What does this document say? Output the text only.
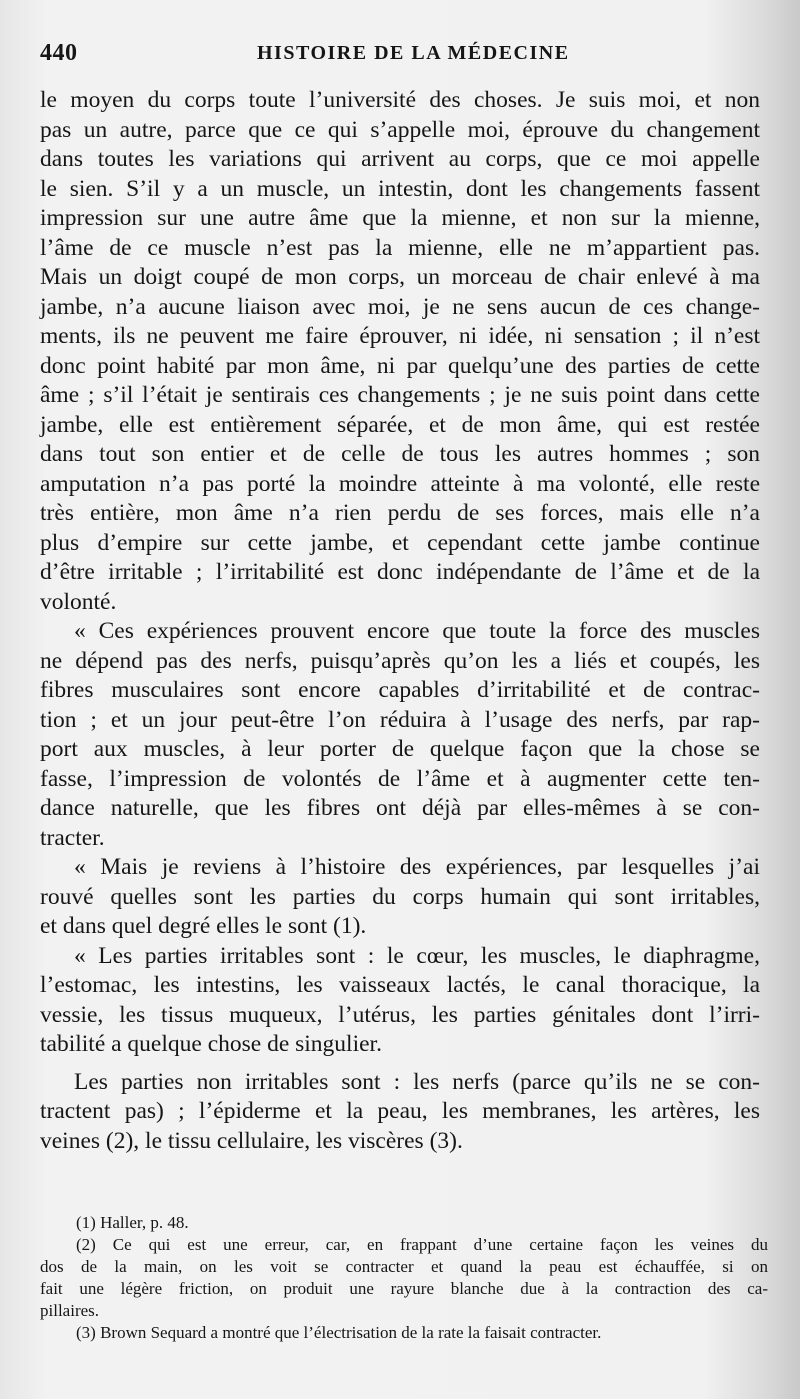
440	HISTOIRE DE LA MÉDECINE
le moyen du corps toute l’université des choses. Je suis moi, et non
pas un autre, parce que ce qui s’appelle moi, éprouve du changement
dans toutes les variations qui arrivent au corps, que ce moi appelle
le sien. S’il y a un muscle, un intestin, dont les changements fassent
impression sur une autre âme que la mienne, et non sur la mienne,
l’âme de ce muscle n’est pas la mienne, elle ne m’appartient pas.
Mais un doigt coupé de mon corps, un morceau de chair enlevé à ma
jambe, n’a aucune liaison avec moi, je ne sens aucun de ces change-
ments, ils ne peuvent me faire éprouver, ni idée, ni sensation ; il n’est
donc point habité par mon âme, ni par quelqu’une des parties de cette
âme ; s’il l’était je sentirais ces changements ; je ne suis point dans cette
jambe, elle est entièrement séparée, et de mon âme, qui est restée
dans tout son entier et de celle de tous les autres hommes ; son
amputation n’a pas porté la moindre atteinte à ma volonté, elle reste
très entière, mon âme n’a rien perdu de ses forces, mais elle n’a
plus d’empire sur cette jambe, et cependant cette jambe continue
d’être irritable ; l’irritabilité est donc indépendante de l’âme et de la
volonté.
« Ces expériences prouvent encore que toute la force des muscles
ne dépend pas des nerfs, puisqu’après qu’on les a liés et coupés, les
fibres musculaires sont encore capables d’irritabilité et de contrac-
tion ; et un jour peut-être l’on réduira à l’usage des nerfs, par rap-
port aux muscles, à leur porter de quelque façon que la chose se
fasse, l’impression de volontés de l’âme et à augmenter cette ten-
dance naturelle, que les fibres ont déjà par elles-mêmes à se con-
tracter.
« Mais je reviens à l’histoire des expériences, par lesquelles j’ai
rouvé quelles sont les parties du corps humain qui sont irritables,
et dans quel degré elles le sont (1).
« Les parties irritables sont : le cœur, les muscles, le diaphragme,
l’estomac, les intestins, les vaisseaux lactés, le canal thoracique, la
vessie, les tissus muqueux, l’utérus, les parties génitales dont l’irri-
tabilité a quelque chose de singulier.
Les parties non irritables sont : les nerfs (parce qu’ils ne se con-
tractent pas) ; l’épiderme et la peau, les membranes, les artères, les
veines (2), le tissu cellulaire, les viscères (3).
(1) Haller, p. 48.
(2) Ce qui est une erreur, car, en frappant d’une certaine façon les veines du
dos de la main, on les voit se contracter et quand la peau est échauffée, si on
fait une légère friction, on produit une rayure blanche due à la contraction des ca-
pillaires.
(3) Brown Sequard a montré que l’électrisation de la rate la faisait contracter.
